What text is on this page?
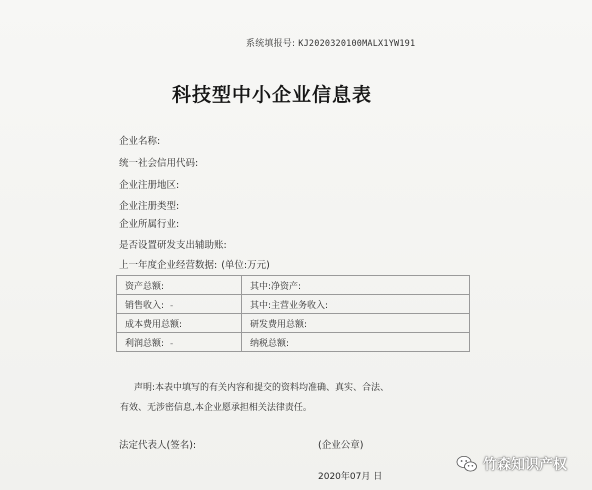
系统填报号: KJ2020320100MALX1YW191
科技型中小企业信息表
企业名称:
统一社会信用代码:
企业注册地区:
企业注册类型:
企业所属行业:
是否设置研发支出辅助账:
上一年度企业经营数据: (单位:万元)
资产总额:	其中:净资产:
销售收入: -	其中:主营业务收入:
成本费用总额:	研发费用总额:
利润总额: -	纳税总额:
声明:本表中填写的有关内容和提交的资料均准确、真实、合法、
有效、无涉密信息,本企业愿承担相关法律责任。
法定代表人(签名):	(企业公章)
2020年07月 日
竹森知识产权
